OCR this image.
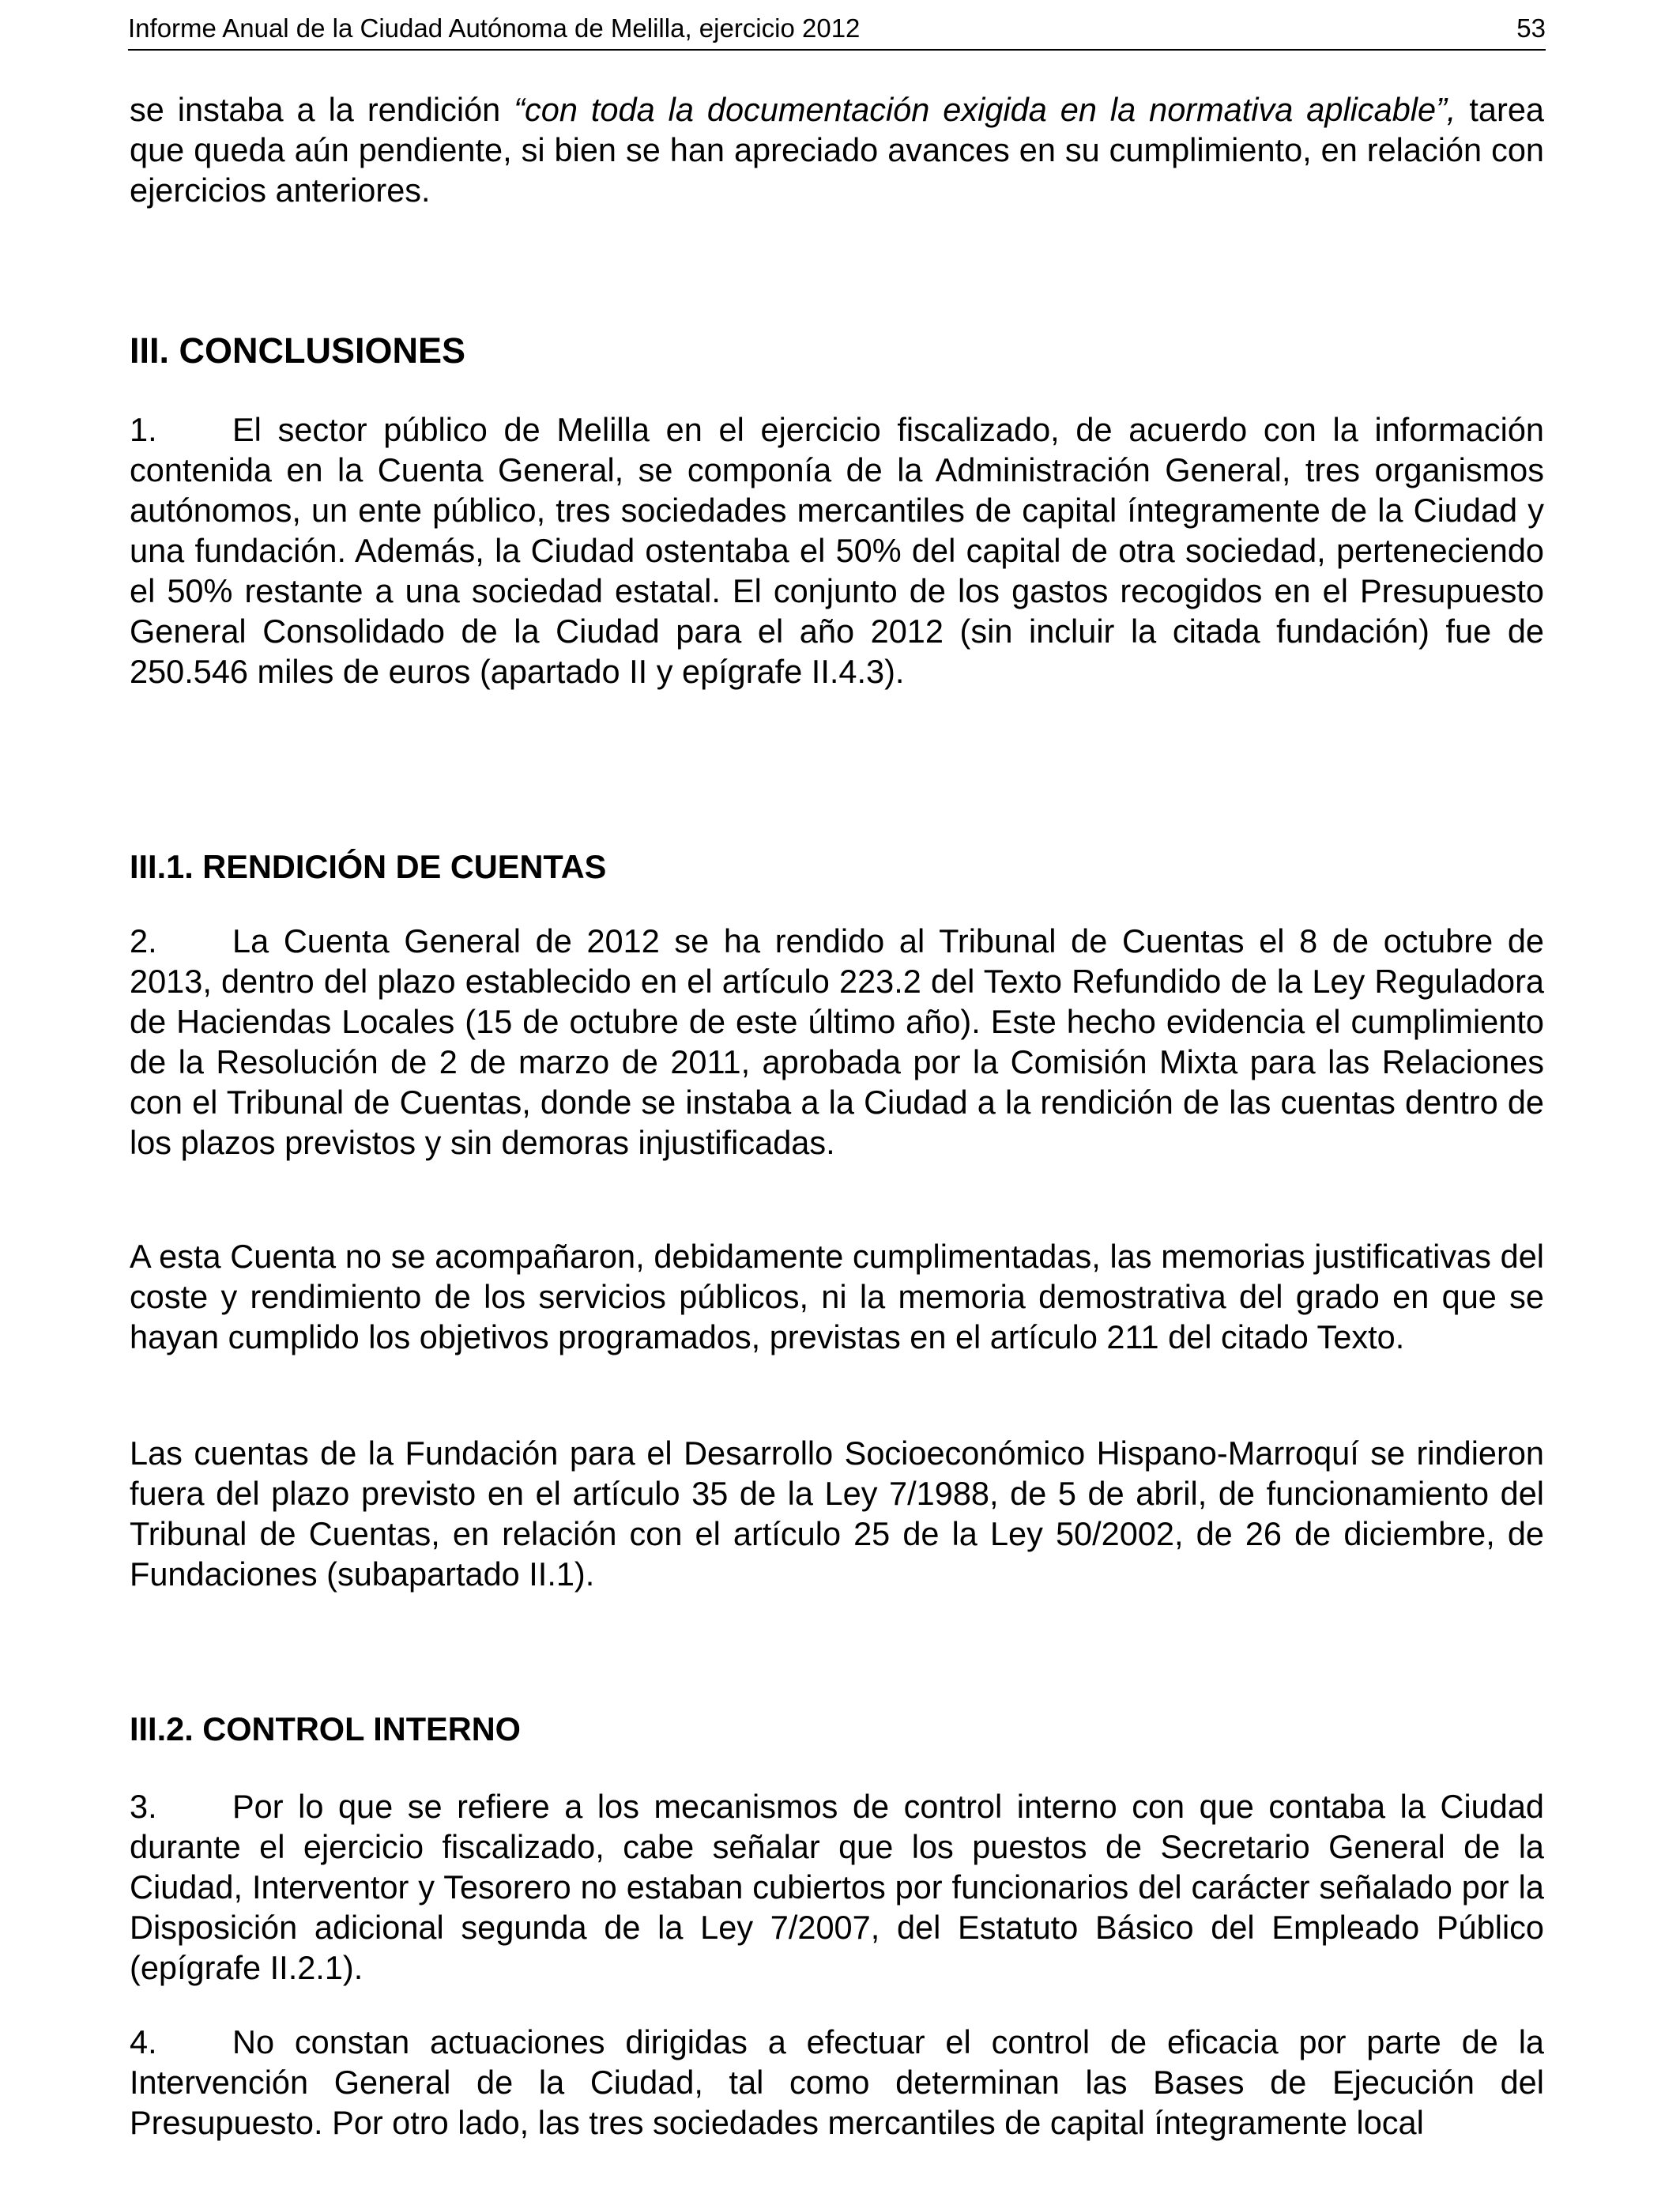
Informe Anual de la Ciudad Autónoma de Melilla, ejercicio 2012	53

se instaba a la rendición “con toda la documentación exigida en la normativa aplicable”, tarea que queda aún pendiente, si bien se han apreciado avances en su cumplimiento, en relación con ejercicios anteriores.

III. CONCLUSIONES

1. El sector público de Melilla en el ejercicio fiscalizado, de acuerdo con la información contenida en la Cuenta General, se componía de la Administración General, tres organismos autónomos, un ente público, tres sociedades mercantiles de capital íntegramente de la Ciudad y una fundación. Además, la Ciudad ostentaba el 50% del capital de otra sociedad, perteneciendo el 50% restante a una sociedad estatal. El conjunto de los gastos recogidos en el Presupuesto General Consolidado de la Ciudad para el año 2012 (sin incluir la citada fundación) fue de 250.546 miles de euros (apartado II y epígrafe II.4.3).

III.1. RENDICIÓN DE CUENTAS

2. La Cuenta General de 2012 se ha rendido al Tribunal de Cuentas el 8 de octubre de 2013, dentro del plazo establecido en el artículo 223.2 del Texto Refundido de la Ley Reguladora de Haciendas Locales (15 de octubre de este último año). Este hecho evidencia el cumplimiento de la Resolución de 2 de marzo de 2011, aprobada por la Comisión Mixta para las Relaciones con el Tribunal de Cuentas, donde se instaba a la Ciudad a la rendición de las cuentas dentro de los plazos previstos y sin demoras injustificadas.

A esta Cuenta no se acompañaron, debidamente cumplimentadas, las memorias justificativas del coste y rendimiento de los servicios públicos, ni la memoria demostrativa del grado en que se hayan cumplido los objetivos programados, previstas en el artículo 211 del citado Texto.

Las cuentas de la Fundación para el Desarrollo Socioeconómico Hispano-Marroquí se rindieron fuera del plazo previsto en el artículo 35 de la Ley 7/1988, de 5 de abril, de funcionamiento del Tribunal de Cuentas, en relación con el artículo 25 de la Ley 50/2002, de 26 de diciembre, de Fundaciones (subapartado II.1).

III.2. CONTROL INTERNO

3. Por lo que se refiere a los mecanismos de control interno con que contaba la Ciudad durante el ejercicio fiscalizado, cabe señalar que los puestos de Secretario General de la Ciudad, Interventor y Tesorero no estaban cubiertos por funcionarios del carácter señalado por la Disposición adicional segunda de la Ley 7/2007, del Estatuto Básico del Empleado Público (epígrafe II.2.1).

4. No constan actuaciones dirigidas a efectuar el control de eficacia por parte de la Intervención General de la Ciudad, tal como determinan las Bases de Ejecución del Presupuesto. Por otro lado, las tres sociedades mercantiles de capital íntegramente local
